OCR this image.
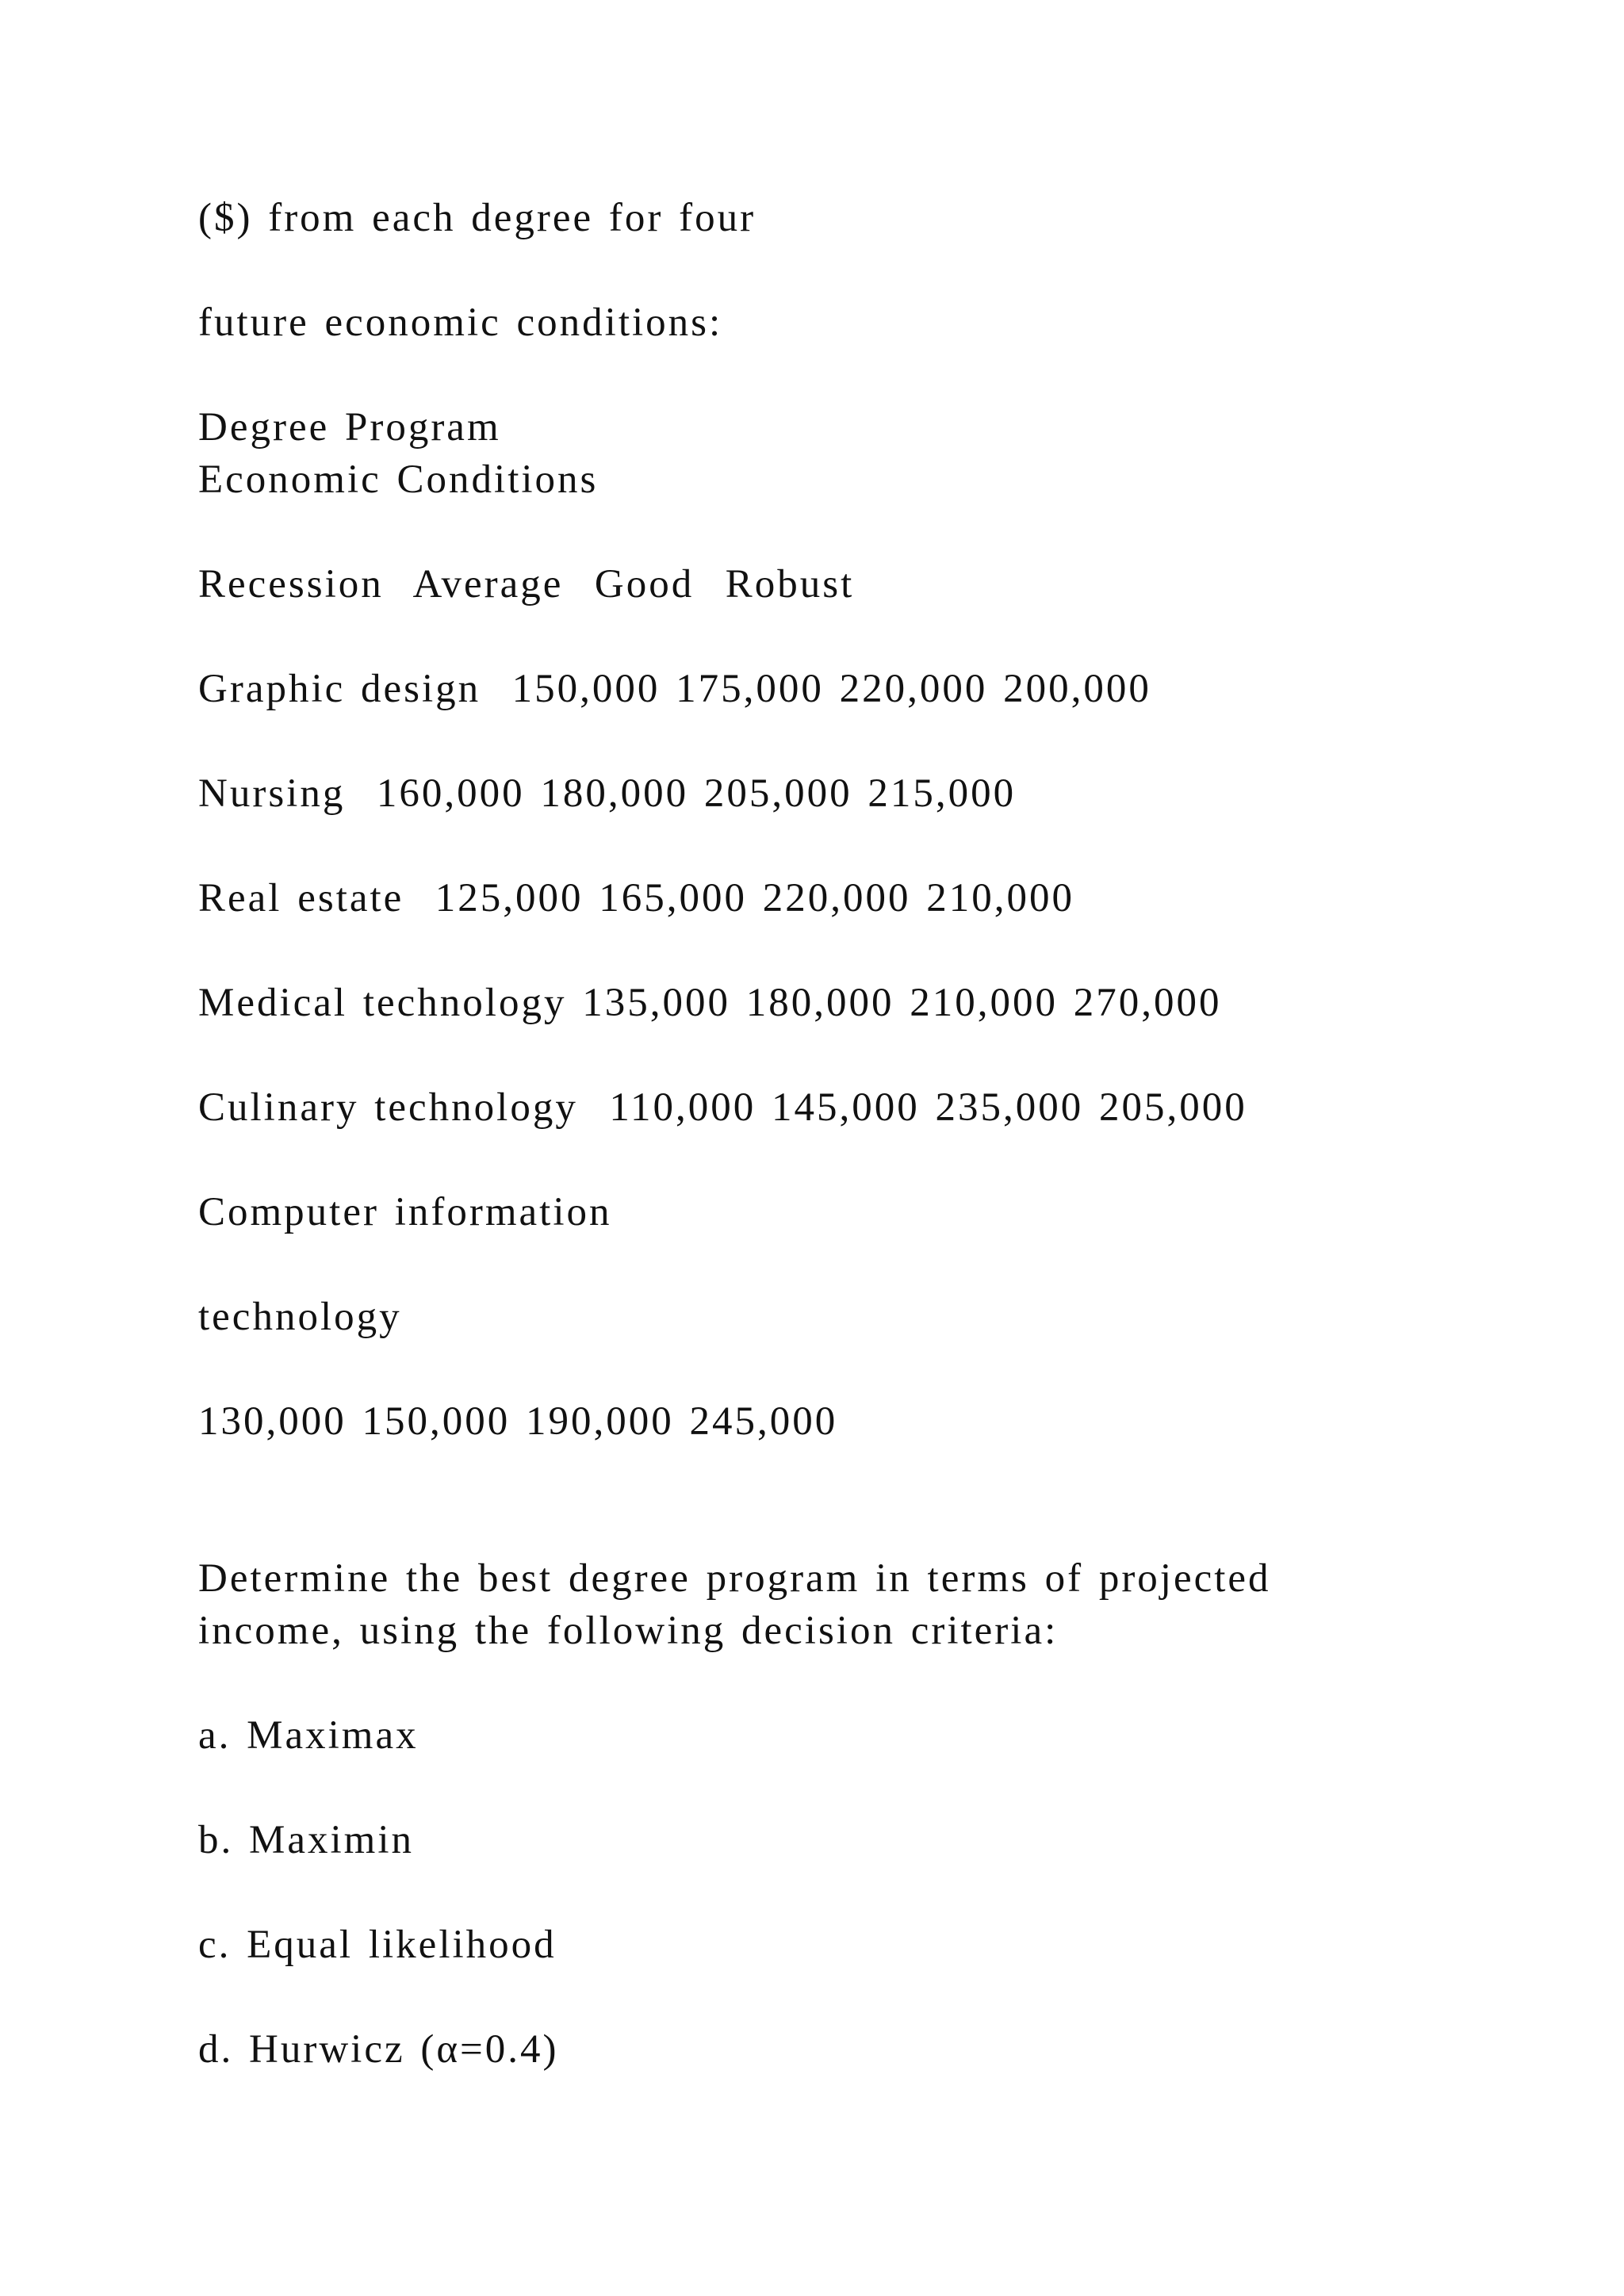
($) from each degree for four
future economic conditions:
Degree Program
Economic Conditions
Recession  Average  Good  Robust
Graphic design  150,000 175,000 220,000 200,000
Nursing  160,000 180,000 205,000 215,000
Real estate  125,000 165,000 220,000 210,000
Medical technology 135,000 180,000 210,000 270,000
Culinary technology  110,000 145,000 235,000 205,000
Computer information
technology
130,000 150,000 190,000 245,000
Determine the best degree program in terms of projected
income, using the following decision criteria:
a. Maximax
b. Maximin
c. Equal likelihood
d. Hurwicz (α=0.4)
